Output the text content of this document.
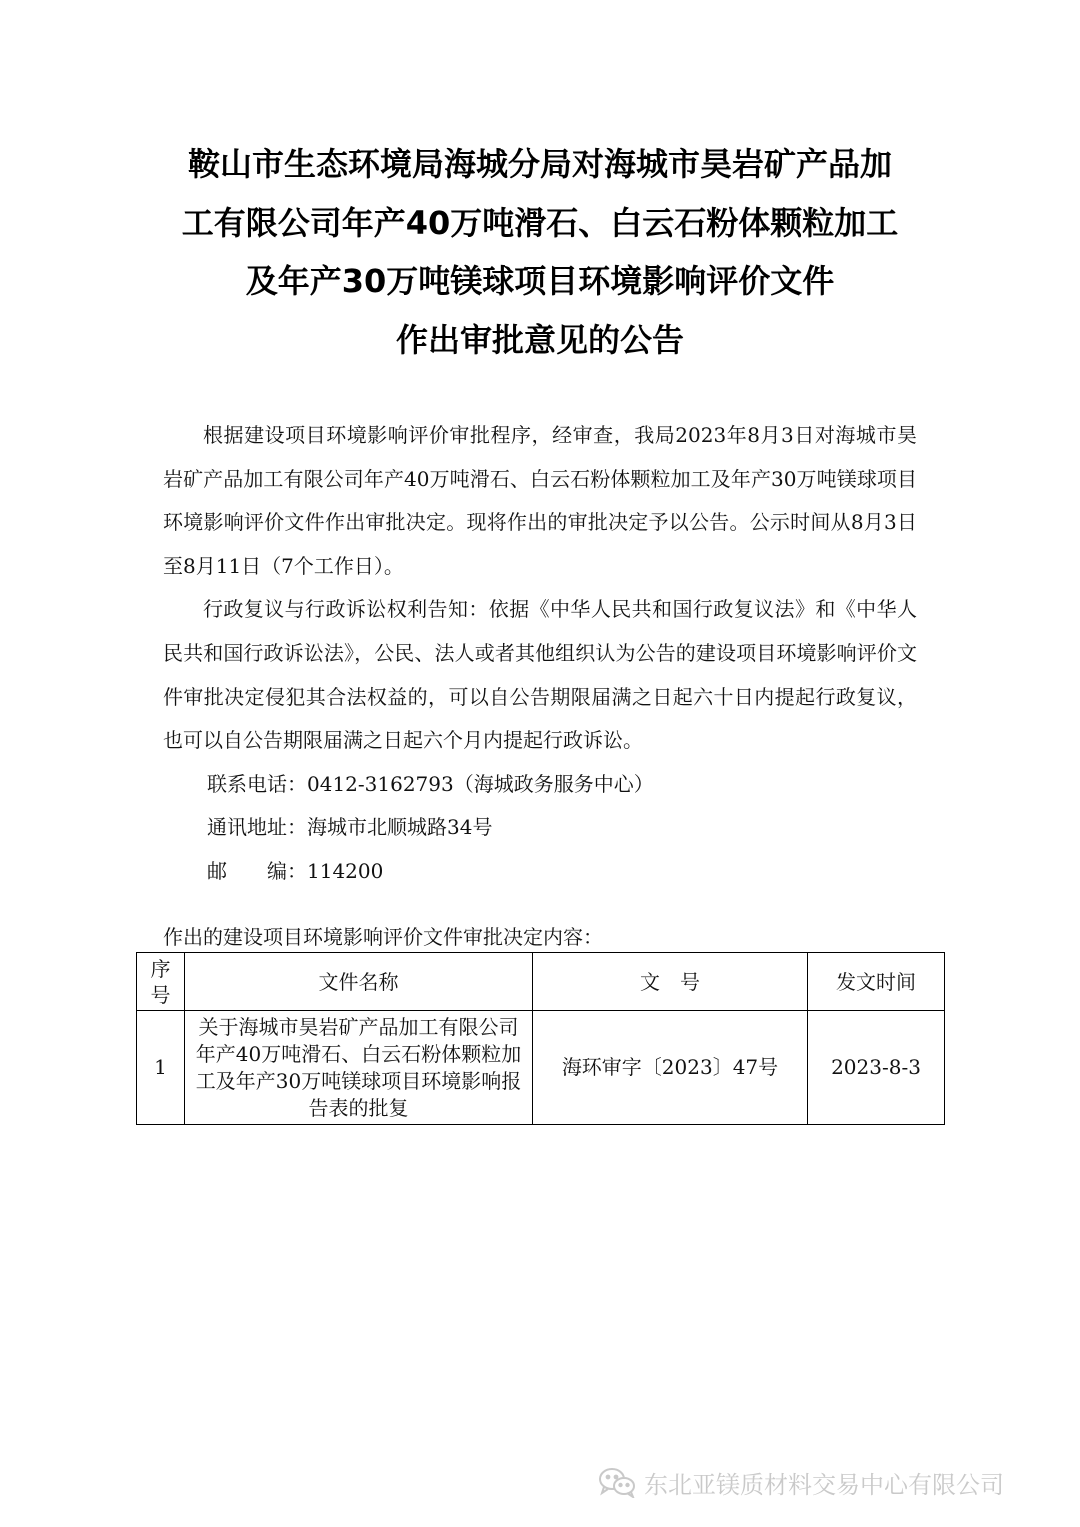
鞍山市生态环境局海城分局对海城市昊岩矿产品加
工有限公司年产40万吨滑石、白云石粉体颗粒加工
及年产30万吨镁球项目环境影响评价文件
作出审批意见的公告

根据建设项目环境影响评价审批程序，经审查，我局2023年8月3日对海城市昊岩矿产品加工有限公司年产40万吨滑石、白云石粉体颗粒加工及年产30万吨镁球项目环境影响评价文件作出审批决定。现将作出的审批决定予以公告。公示时间从8月3日至8月11日（7个工作日）。

行政复议与行政诉讼权利告知：依据《中华人民共和国行政复议法》和《中华人民共和国行政诉讼法》，公民、法人或者其他组织认为公告的建设项目环境影响评价文件审批决定侵犯其合法权益的，可以自公告期限届满之日起六十日内提起行政复议，也可以自公告期限届满之日起六个月内提起行政诉讼。

联系电话：0412-3162793（海城政务服务中心）

通讯地址：海城市北顺城路34号

邮　　编：114200

作出的建设项目环境影响评价文件审批决定内容：

序号	文件名称	文　号	发文时间
1	关于海城市昊岩矿产品加工有限公司年产40万吨滑石、白云石粉体颗粒加工及年产30万吨镁球项目环境影响报告表的批复	海环审字〔2023〕47号	2023-8-3
东北亚镁质材料交易中心有限公司
